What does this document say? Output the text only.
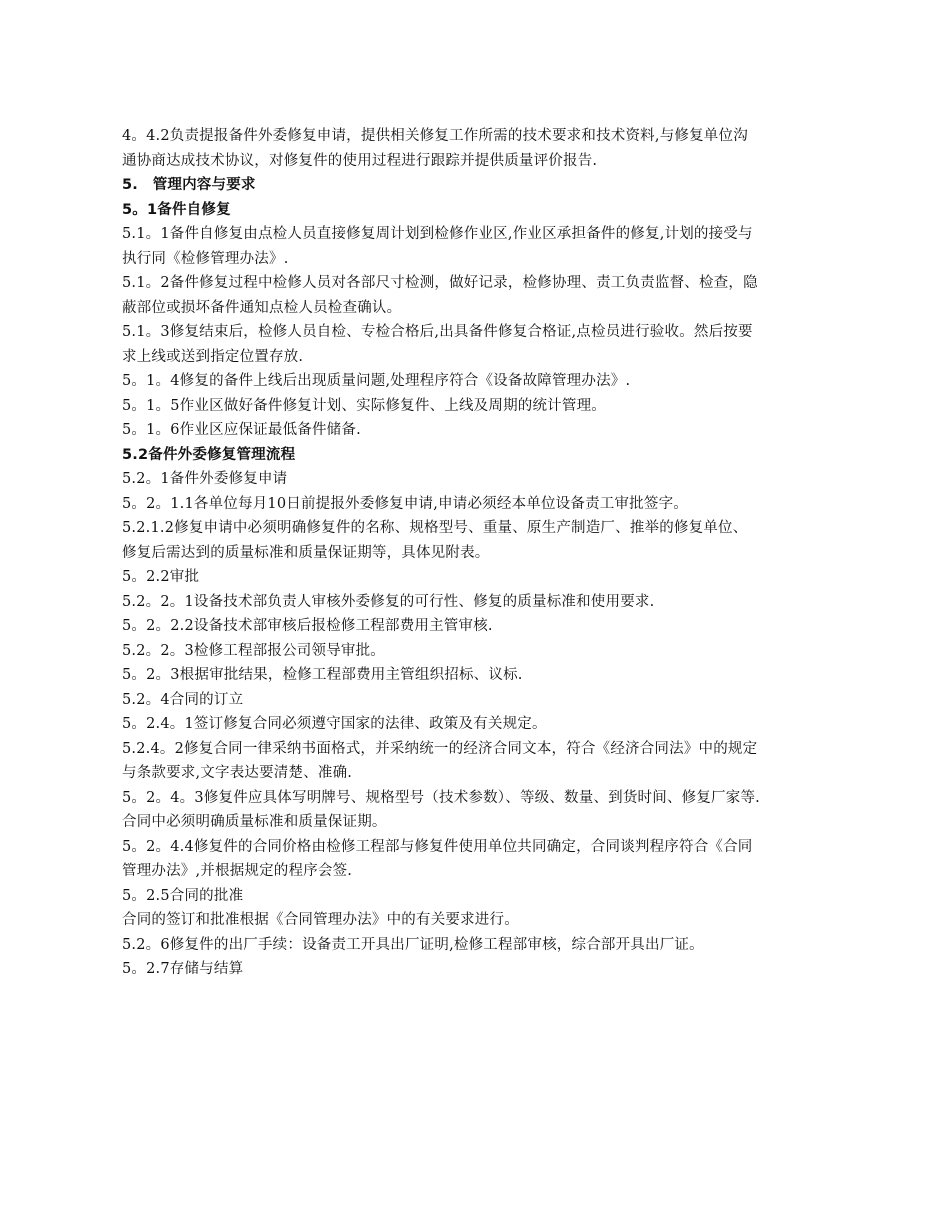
4。4.2负责提报备件外委修复申请，提供相关修复工作所需的技术要求和技术资料,与修复单位沟
通协商达成技术协议，对修复件的使用过程进行跟踪并提供质量评价报告.
5.　管理内容与要求
5。1备件自修复
5.1。1备件自修复由点检人员直接修复周计划到检修作业区,作业区承担备件的修复,计划的接受与
执行同《检修管理办法》.
5.1。2备件修复过程中检修人员对各部尺寸检测，做好记录，检修协理、责工负责监督、检查，隐
蔽部位或损坏备件通知点检人员检查确认。
5.1。3修复结束后，检修人员自检、专检合格后,出具备件修复合格证,点检员进行验收。然后按要
求上线或送到指定位置存放.
5。1。4修复的备件上线后出现质量问题,处理程序符合《设备故障管理办法》.
5。1。5作业区做好备件修复计划、实际修复件、上线及周期的统计管理。
5。1。6作业区应保证最低备件储备.
5.2备件外委修复管理流程
5.2。1备件外委修复申请
5。2。1.1各单位每月10日前提报外委修复申请,申请必须经本单位设备责工审批签字。
5.2.1.2修复申请中必须明确修复件的名称、规格型号、重量、原生产制造厂、推举的修复单位、
修复后需达到的质量标准和质量保证期等，具体见附表。
5。2.2审批
5.2。2。1设备技术部负责人审核外委修复的可行性、修复的质量标准和使用要求.
5。2。2.2设备技术部审核后报检修工程部费用主管审核.
5.2。2。3检修工程部报公司领导审批。
5。2。3根据审批结果，检修工程部费用主管组织招标、议标.
5.2。4合同的订立
5。2.4。1签订修复合同必须遵守国家的法律、政策及有关规定。
5.2.4。2修复合同一律采纳书面格式，并采纳统一的经济合同文本，符合《经济合同法》中的规定
与条款要求,文字表达要清楚、准确.
5。2。4。3修复件应具体写明牌号、规格型号（技术参数）、等级、数量、到货时间、修复厂家等.
合同中必须明确质量标准和质量保证期。
5。2。4.4修复件的合同价格由检修工程部与修复件使用单位共同确定，合同谈判程序符合《合同
管理办法》,并根据规定的程序会签.
5。2.5合同的批准
合同的签订和批准根据《合同管理办法》中的有关要求进行。
5.2。6修复件的出厂手续：设备责工开具出厂证明,检修工程部审核，综合部开具出厂证。
5。2.7存储与结算
